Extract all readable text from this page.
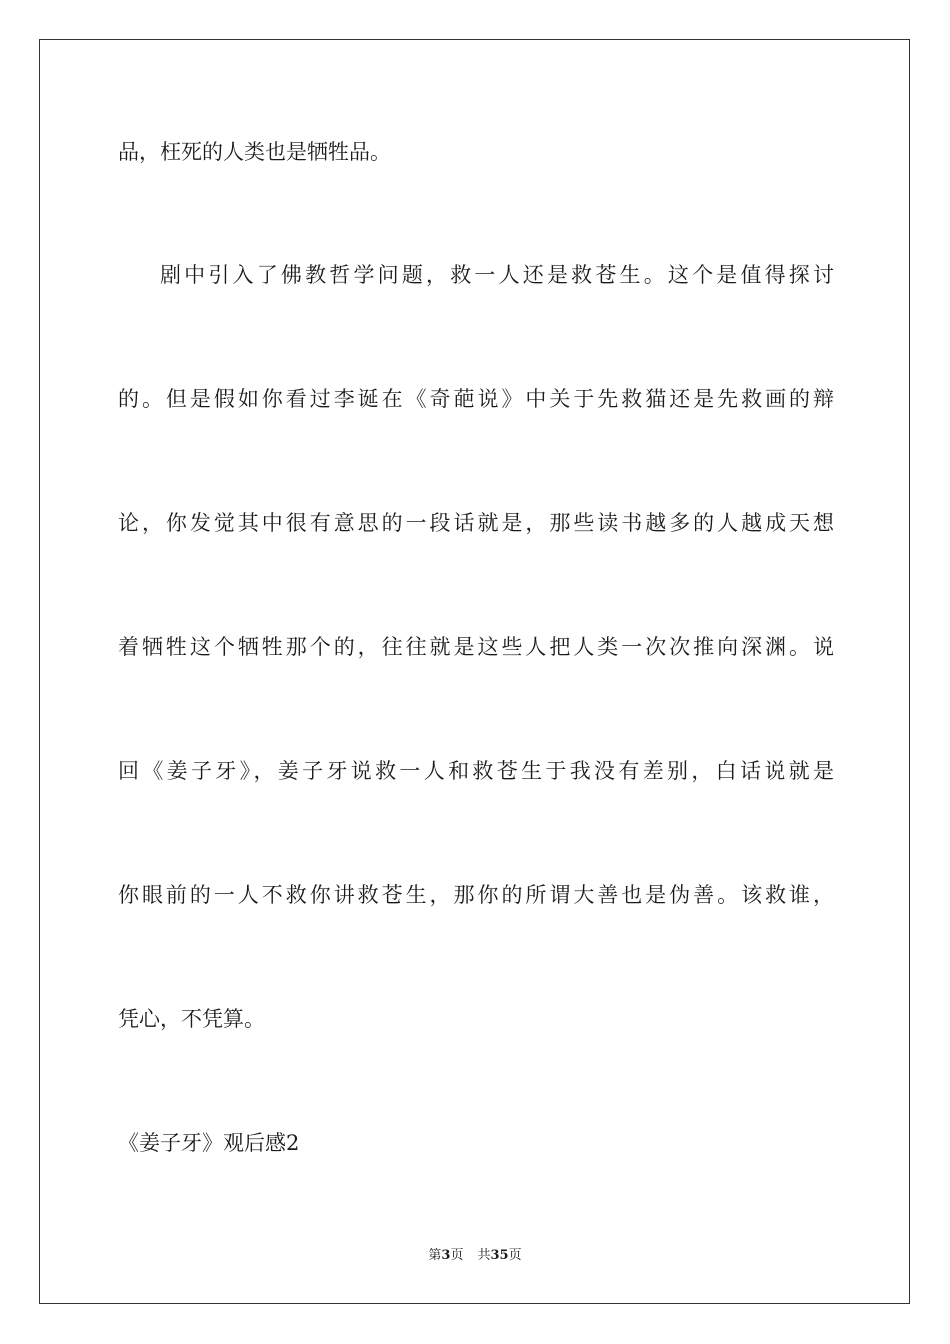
品，枉死的人类也是牺牲品。
剧中引入了佛教哲学问题，救一人还是救苍生。这个是值得探讨
的。但是假如你看过李诞在《奇葩说》中关于先救猫还是先救画的辩
论，你发觉其中很有意思的一段话就是，那些读书越多的人越成天想
着牺牲这个牺牲那个的，往往就是这些人把人类一次次推向深渊。说
回《姜子牙》，姜子牙说救一人和救苍生于我没有差别，白话说就是
你眼前的一人不救你讲救苍生，那你的所谓大善也是伪善。该救谁，
凭心，不凭算。
《姜子牙》观后感2
第3页 共35页
